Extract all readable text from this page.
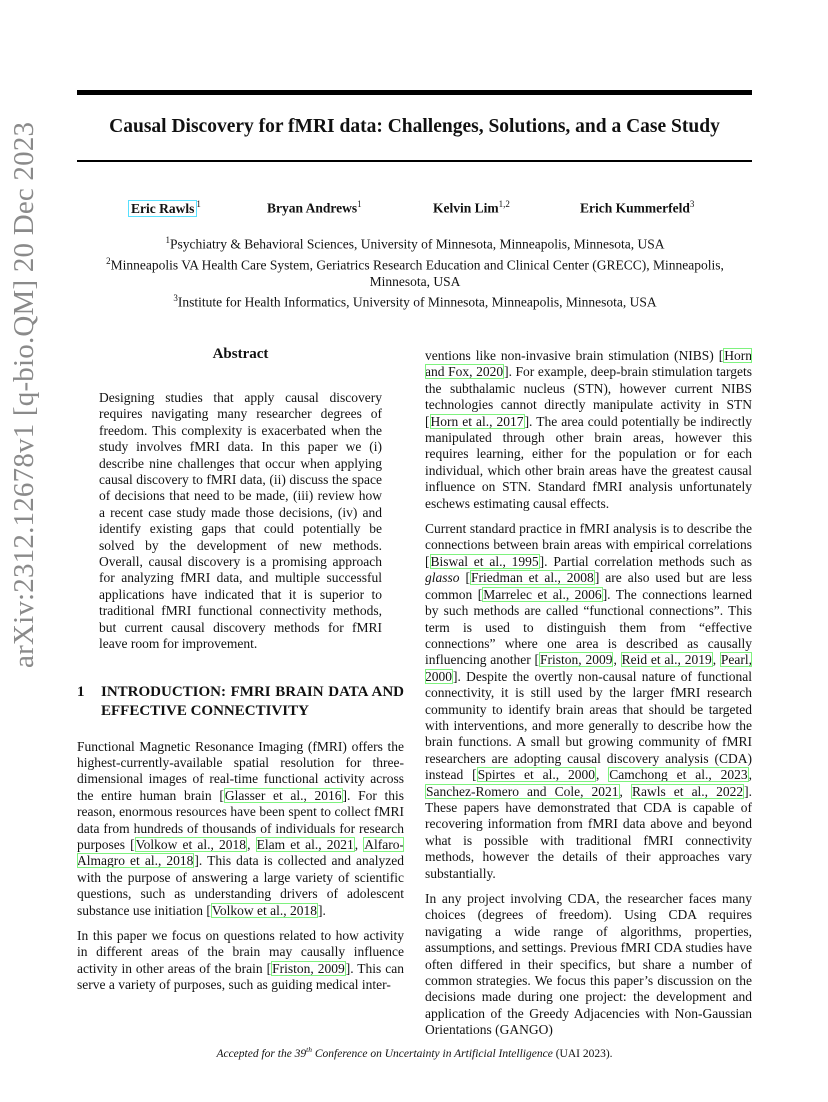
Causal Discovery for fMRI data: Challenges, Solutions, and a Case Study
arXiv:2312.12678v1 [q-bio.QM] 20 Dec 2023	Eric Rawls $^1$	Bryan Andrews$^1$	Kelvin Lim$^{1,2}$	Erich Kummerfeld$^3$
$^1$Psychiatry & Behavioral Sciences, University of Minnesota, Minneapolis, Minnesota, USA
$^2$Minneapolis VA Health Care System, Geriatrics Research Education and Clinical Center (GRECC), Minneapolis, Minnesota, USA
$^3$Institute for Health Informatics, University of Minnesota, Minneapolis, Minnesota, USA
Abstract
Designing studies that apply causal discovery requires navigating many researcher degrees of freedom. This complexity is exacerbated when the study involves fMRI data. In this paper we (i) describe nine challenges that occur when applying causal discovery to fMRI data, (ii) discuss the space of decisions that need to be made, (iii) review how a recent case study made those decisions, (iv) and identify existing gaps that could potentially be solved by the development of new methods. Overall, causal discovery is a promising approach for analyzing fMRI data, and multiple successful applications have indicated that it is superior to traditional fMRI functional connectivity methods, but current causal discovery methods for fMRI leave room for improvement.
1	INTRODUCTION: FMRI BRAIN DATA AND EFFECTIVE CONNECTIVITY
Functional Magnetic Resonance Imaging (fMRI) offers the highest-currently-available spatial resolution for three-dimensional images of real-time functional activity across the entire human brain [Glasser et al., 2016]. For this reason, enormous resources have been spent to collect fMRI data from hundreds of thousands of individuals for research purposes [Volkow et al., 2018, Elam et al., 2021, Alfaro-Almagro et al., 2018]. This data is collected and analyzed with the purpose of answering a large variety of scientific questions, such as understanding drivers of adolescent substance use initiation [Volkow et al., 2018].
In this paper we focus on questions related to how activity in different areas of the brain may causally influence activity in other areas of the brain [Friston, 2009]. This can serve a variety of purposes, such as guiding medical inter-
ventions like non-invasive brain stimulation (NIBS) [Horn and Fox, 2020]. For example, deep-brain stimulation targets the subthalamic nucleus (STN), however current NIBS technologies cannot directly manipulate activity in STN [Horn et al., 2017]. The area could potentially be indirectly manipulated through other brain areas, however this requires learning, either for the population or for each individual, which other brain areas have the greatest causal influence on STN. Standard fMRI analysis unfortunately eschews estimating causal effects.
Current standard practice in fMRI analysis is to describe the connections between brain areas with empirical correlations [Biswal et al., 1995]. Partial correlation methods such as glasso [Friedman et al., 2008] are also used but are less common [Marrelec et al., 2006]. The connections learned by such methods are called “functional connections”. This term is used to distinguish them from “effective connections” where one area is described as causally influencing another [Friston, 2009, Reid et al., 2019, Pearl, 2000]. Despite the overtly non-causal nature of functional connectivity, it is still used by the larger fMRI research community to identify brain areas that should be targeted with interventions, and more generally to describe how the brain functions. A small but growing community of fMRI researchers are adopting causal discovery analysis (CDA) instead [Spirtes et al., 2000, Camchong et al., 2023, Sanchez-Romero and Cole, 2021, Rawls et al., 2022]. These papers have demonstrated that CDA is capable of recovering information from fMRI data above and beyond what is possible with traditional fMRI connectivity methods, however the details of their approaches vary substantially.
In any project involving CDA, the researcher faces many choices (degrees of freedom). Using CDA requires navigating a wide range of algorithms, properties, assumptions, and settings. Previous fMRI CDA studies have often differed in their specifics, but share a number of common strategies. We focus this paper’s discussion on the decisions made during one project: the development and application of the Greedy Adjacencies with Non-Gaussian Orientations (GANGO)
Accepted for the 39th Conference on Uncertainty in Artificial Intelligence (UAI 2023).
